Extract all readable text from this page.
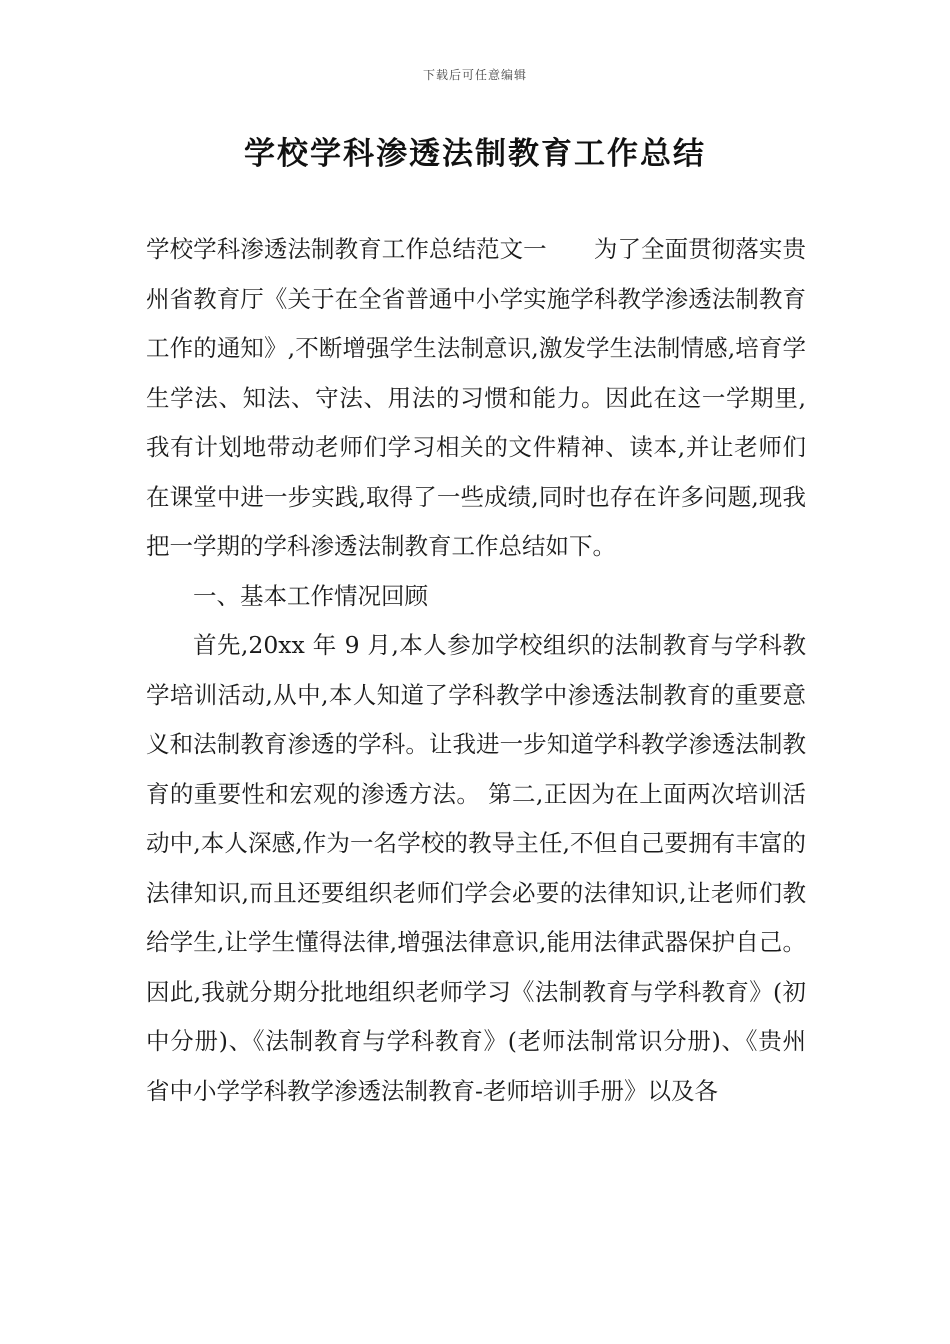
下载后可任意编辑
学校学科渗透法制教育工作总结

学校学科渗透法制教育工作总结范文一　　为了全面贯彻落实贵州省教育厅《关于在全省普通中小学实施学科教学渗透法制教育工作的通知》,不断增强学生法制意识,激发学生法制情感,培育学生学法、知法、守法、用法的习惯和能力。因此在这一学期里,我有计划地带动老师们学习相关的文件精神、读本,并让老师们在课堂中进一步实践,取得了一些成绩,同时也存在许多问题,现我把一学期的学科渗透法制教育工作总结如下。

一、基本工作情况回顾

首先,20xx 年 9 月,本人参加学校组织的法制教育与学科教学培训活动,从中,本人知道了学科教学中渗透法制教育的重要意义和法制教育渗透的学科。让我进一步知道学科教学渗透法制教育的重要性和宏观的渗透方法。 第二,正因为在上面两次培训活动中,本人深感,作为一名学校的教导主任,不但自己要拥有丰富的法律知识,而且还要组织老师们学会必要的法律知识,让老师们教给学生,让学生懂得法律,增强法律意识,能用法律武器保护自己。因此,我就分期分批地组织老师学习《法制教育与学科教育》(初中分册)、《法制教育与学科教育》(老师法制常识分册)、《贵州省中小学学科教学渗透法制教育-老师培训手册》以及各
